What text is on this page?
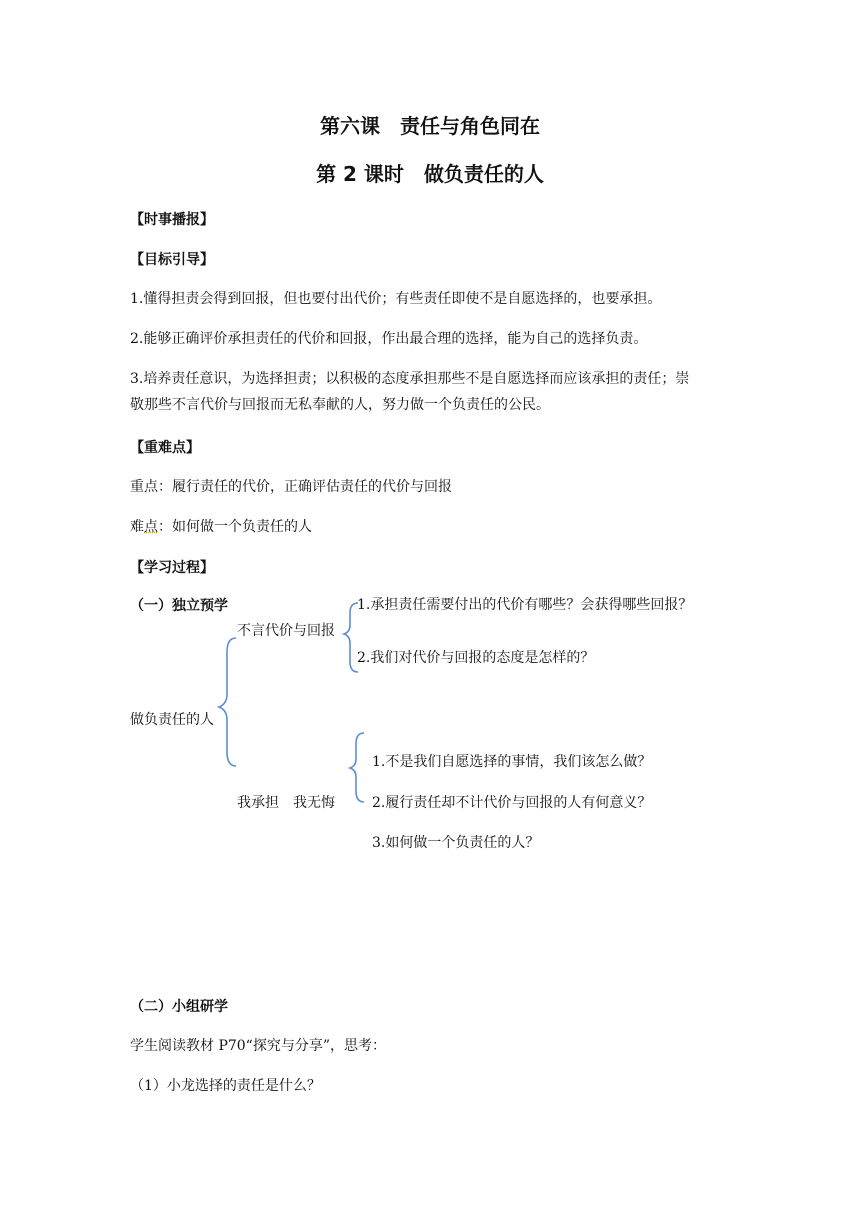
第六课　责任与角色同在
第 2 课时　做负责任的人
【时事播报】
【目标引导】
1.懂得担责会得到回报，但也要付出代价；有些责任即使不是自愿选择的，也要承担。
2.能够正确评价承担责任的代价和回报，作出最合理的选择，能为自己的选择负责。
3.培养责任意识，为选择担责；以积极的态度承担那些不是自愿选择而应该承担的责任；崇
敬那些不言代价与回报而无私奉献的人，努力做一个负责任的公民。
【重难点】
重点：履行责任的代价，正确评估责任的代价与回报
难点：如何做一个负责任的人
【学习过程】
（一）独立预学
做负责任的人
不言代价与回报
1.承担责任需要付出的代价有哪些？会获得哪些回报？
2.我们对代价与回报的态度是怎样的？
我承担　我无悔
1.不是我们自愿选择的事情，我们该怎么做？
2.履行责任却不计代价与回报的人有何意义？
3.如何做一个负责任的人？
（二）小组研学
学生阅读教材 P70“探究与分享”，思考：
（1）小龙选择的责任是什么？
